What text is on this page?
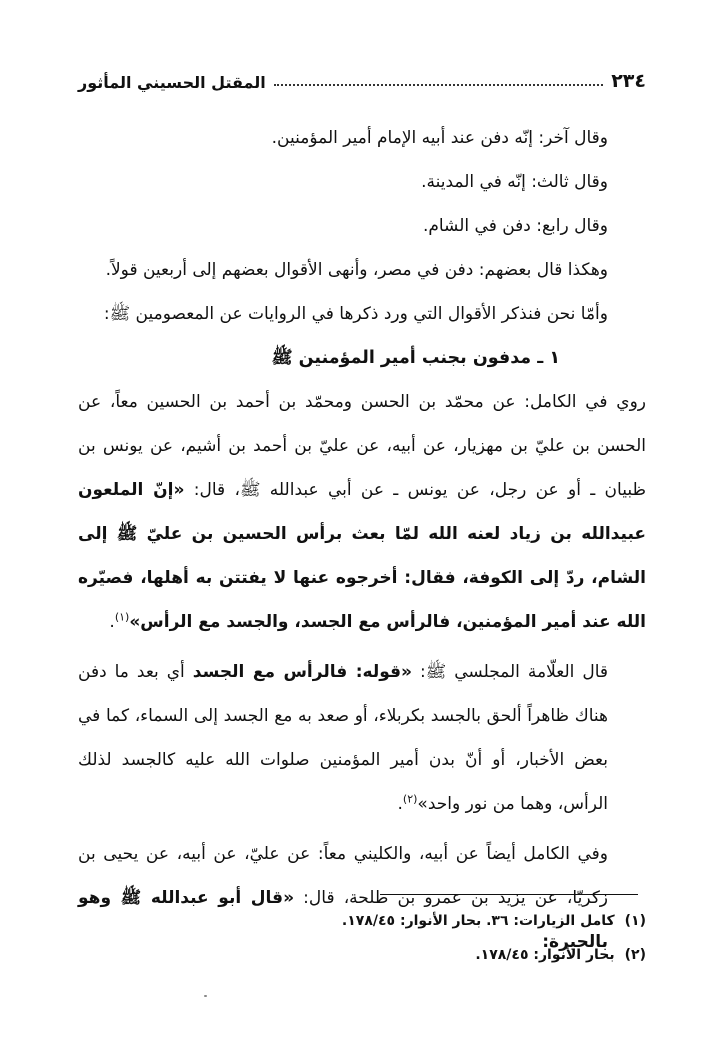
٢٣٤
المقتل الحسيني المأثور

وقال آخر: إنّه دفن عند أبيه الإمام أمير المؤمنين.

وقال ثالث: إنّه في المدينة.

وقال رابع: دفن في الشام.

وهكذا قال بعضهم: دفن في مصر، وأنهى الأقوال بعضهم إلى أربعين قولاً.

وأمّا نحن فنذكر الأقوال التي ورد ذكرها في الروايات عن المعصومين ﷺ:

١ ـ مدفون بجنب أمير المؤمنين ﷺ

روي في الكامل: عن محمّد بن الحسن ومحمّد بن أحمد بن الحسين معاً، عن الحسن بن عليّ بن مهزيار، عن أبيه، عن عليّ بن أحمد بن أشيم، عن يونس بن ظبيان ـ أو عن رجل، عن يونس ـ عن أبي عبدالله ﷺ، قال: «إنّ الملعون عبيدالله بن زياد لعنه الله لمّا بعث برأس الحسين بن عليّ ﷺ إلى الشام، ردّ إلى الكوفة، فقال: أخرجوه عنها لا يفتتن به أهلها، فصيّره الله عند أمير المؤمنين، فالرأس مع الجسد، والجسد مع الرأس»$^{(١)}$.

قال العلّامة المجلسي ﷺ: «قوله: فالرأس مع الجسد أي بعد ما دفن هناك ظاهراً ألحق بالجسد بكربلاء، أو صعد به مع الجسد إلى السماء، كما في بعض الأخبار، أو أنّ بدن أمير المؤمنين صلوات الله عليه كالجسد لذلك الرأس، وهما من نور واحد»$^{(٢)}$.

وفي الكامل أيضاً عن أبيه، والكليني معاً: عن عليّ، عن أبيه، عن يحيى بن زكريّا، عن يزيد بن عمرو بن طلحة، قال: «قال أبو عبدالله ﷺ وهو بالحيرة:

(١)
كامل الزيارات: ٣٦. بحار الأنوار: ١٧٨/٤٥.
(٢)
بحار الأنوار: ١٧٨/٤٥.
